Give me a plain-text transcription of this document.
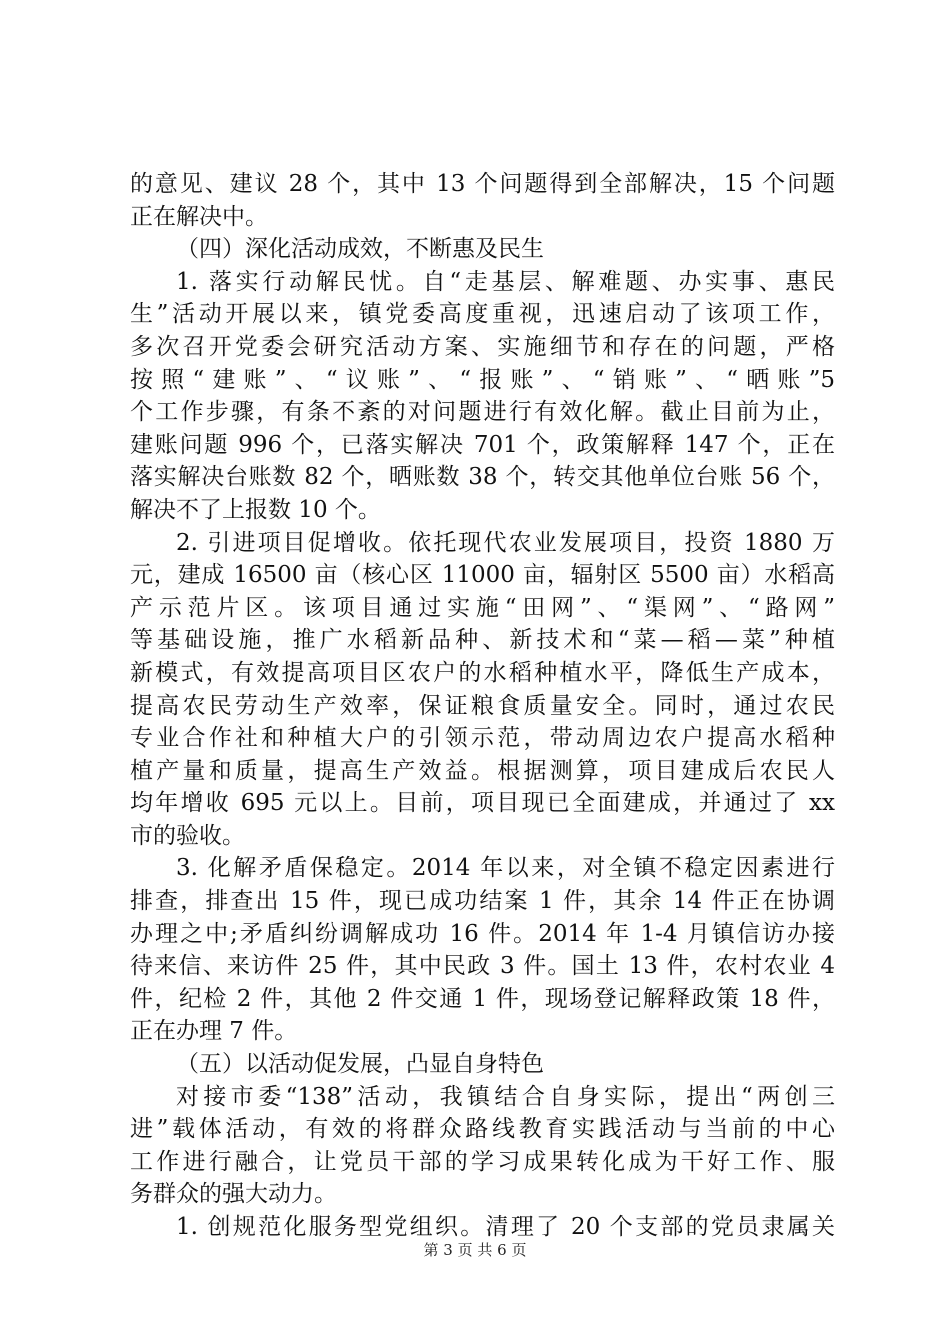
的意见、建议 28 个，其中 13 个问题得到全部解决，15 个问题
正在解决中。
（四）深化活动成效，不断惠及民生
1. 落实行动解民忧。自“走基层、解难题、办实事、惠民
生”活动开展以来，镇党委高度重视，迅速启动了该项工作，
多次召开党委会研究活动方案、实施细节和存在的问题，严格
按照“建账”、“议账”、“报账”、“销账”、“晒账”5
个工作步骤，有条不紊的对问题进行有效化解。截止目前为止，
建账问题 996 个，已落实解决 701 个，政策解释 147 个，正在
落实解决台账数 82 个，晒账数 38 个，转交其他单位台账 56 个，
解决不了上报数 10 个。
2. 引进项目促增收。依托现代农业发展项目，投资 1880 万
元，建成 16500 亩（核心区 11000 亩，辐射区 5500 亩）水稻高
产示范片区。该项目通过实施“田网”、“渠网”、“路网”
等基础设施，推广水稻新品种、新技术和“菜—稻—菜”种植
新模式，有效提高项目区农户的水稻种植水平，降低生产成本，
提高农民劳动生产效率，保证粮食质量安全。同时，通过农民
专业合作社和种植大户的引领示范，带动周边农户提高水稻种
植产量和质量，提高生产效益。根据测算，项目建成后农民人
均年增收 695 元以上。目前，项目现已全面建成，并通过了 xx
市的验收。
3. 化解矛盾保稳定。2014 年以来，对全镇不稳定因素进行
排查，排查出 15 件，现已成功结案 1 件，其余 14 件正在协调
办理之中;矛盾纠纷调解成功 16 件。2014 年 1-4 月镇信访办接
待来信、来访件 25 件，其中民政 3 件。国土 13 件，农村农业 4
件，纪检 2 件，其他 2 件交通 1 件，现场登记解释政策 18 件，
正在办理 7 件。
（五）以活动促发展，凸显自身特色
对接市委“138”活动，我镇结合自身实际，提出“两创三
进”载体活动，有效的将群众路线教育实践活动与当前的中心
工作进行融合，让党员干部的学习成果转化成为干好工作、服
务群众的强大动力。
1. 创规范化服务型党组织。清理了 20 个支部的党员隶属关
第 3 页 共 6 页
